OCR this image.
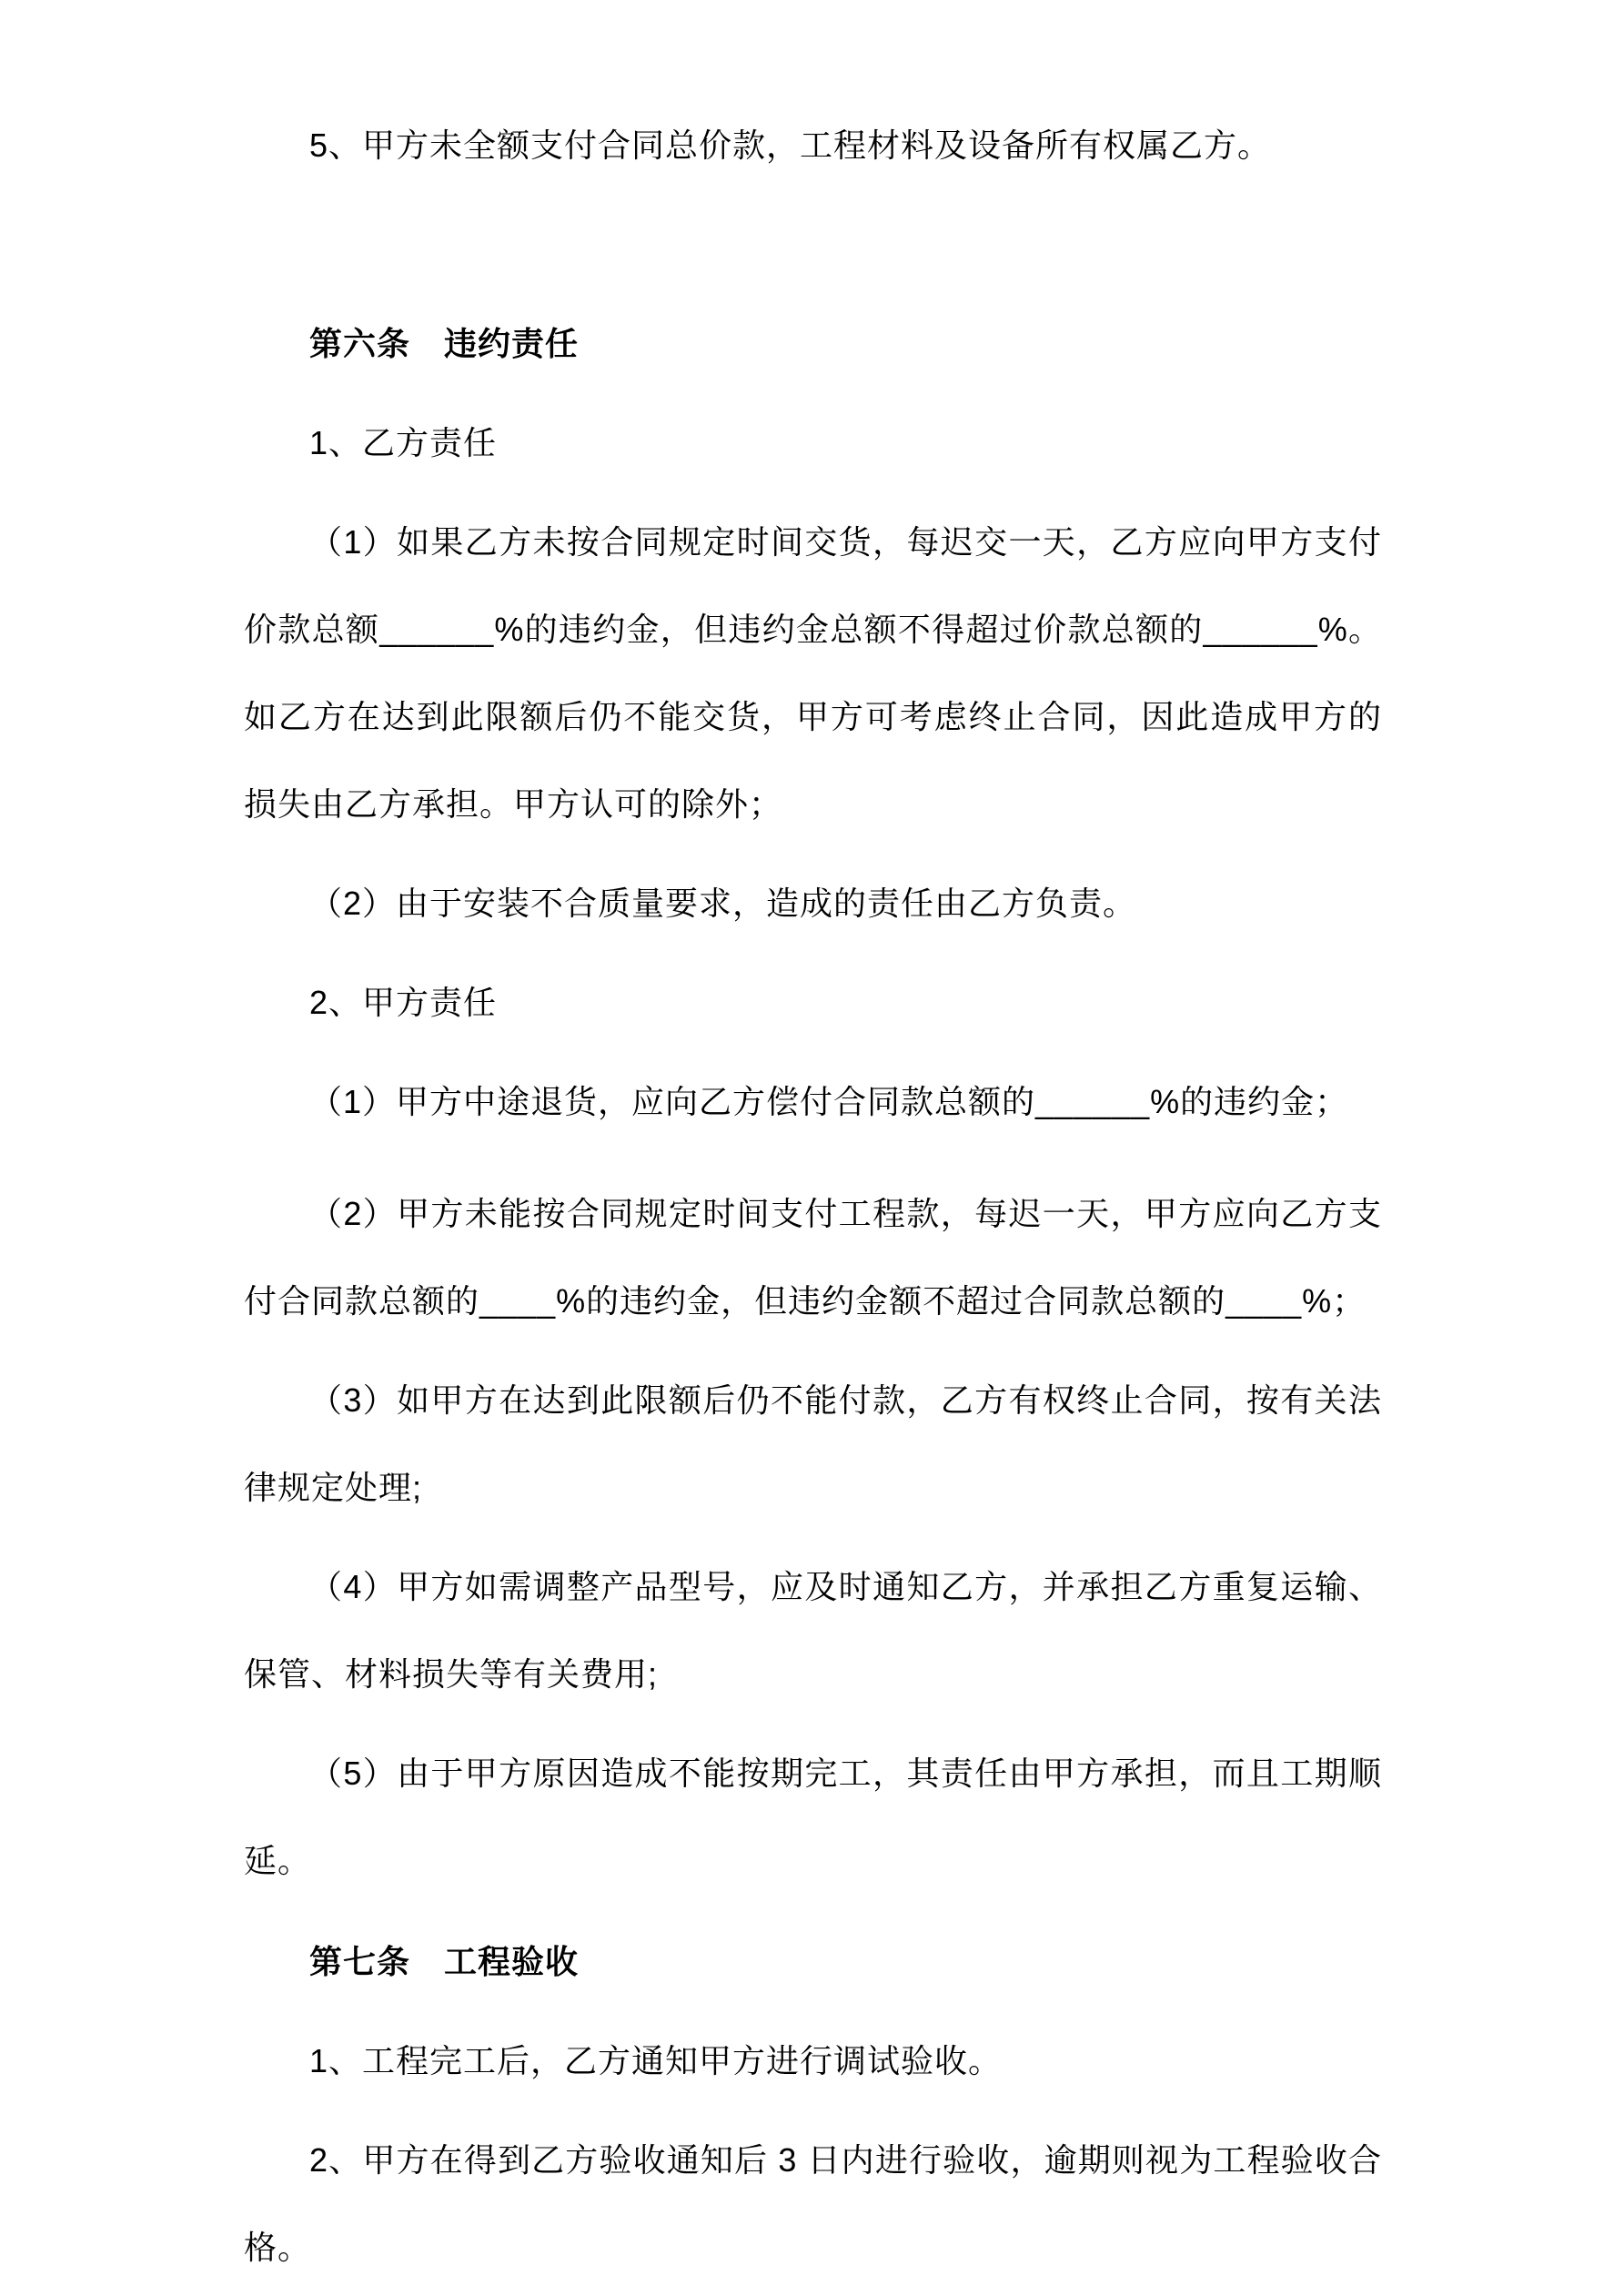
5、甲方未全额支付合同总价款，工程材料及设备所有权属乙方。

第六条　违约责任

1、乙方责任

（1）如果乙方未按合同规定时间交货，每迟交一天，乙方应向甲方支付价款总额______%的违约金，但违约金总额不得超过价款总额的______%。如乙方在达到此限额后仍不能交货，甲方可考虑终止合同，因此造成甲方的损失由乙方承担。甲方认可的除外；

（2）由于安装不合质量要求，造成的责任由乙方负责。

2、甲方责任

（1）甲方中途退货，应向乙方偿付合同款总额的______%的违约金；

（2）甲方未能按合同规定时间支付工程款，每迟一天，甲方应向乙方支付合同款总额的____%的违约金，但违约金额不超过合同款总额的____%；

（3）如甲方在达到此限额后仍不能付款，乙方有权终止合同，按有关法律规定处理;

（4）甲方如需调整产品型号，应及时通知乙方，并承担乙方重复运输、保管、材料损失等有关费用;

（5）由于甲方原因造成不能按期完工，其责任由甲方承担，而且工期顺延。

第七条　工程验收

1、工程完工后，乙方通知甲方进行调试验收。

2、甲方在得到乙方验收通知后 3 日内进行验收，逾期则视为工程验收合格。
